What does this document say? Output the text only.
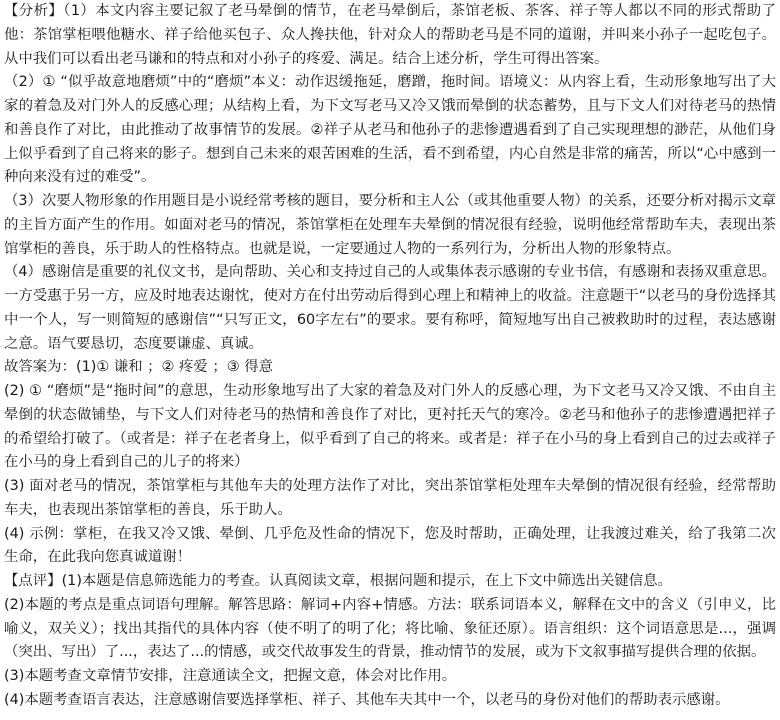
【分析】（1）本文内容主要记叙了老马晕倒的情节，在老马晕倒后，茶馆老板、茶客、祥子等人都以不同的形式帮助了他：茶馆掌柜喂他糖水、祥子给他买包子、众人搀扶他，针对众人的帮助老马是不同的道谢，并叫来小孙子一起吃包子。从中我们可以看出老马谦和的特点和对小孙子的疼爱、满足。结合上述分析，学生可得出答案。

（2）① “似乎故意地磨烦”中的“磨烦”本义：动作迟缓拖延，磨蹭，拖时间。语境义：从内容上看，生动形象地写出了大家的着急及对门外人的反感心理；从结构上看，为下文写老马又冷又饿而晕倒的状态蓄势，且与下文人们对待老马的热情和善良作了对比，由此推动了故事情节的发展。②祥子从老马和他孙子的悲惨遭遇看到了自己实现理想的渺茫，从他们身上似乎看到了自己将来的影子。想到自己未来的艰苦困难的生活，看不到希望，内心自然是非常的痛苦，所以“心中感到一种向来没有过的难受”。

（3）次要人物形象的作用题目是小说经常考核的题目，要分析和主人公（或其他重要人物）的关系，还要分析对揭示文章的主旨方面产生的作用。如面对老马的情况，茶馆掌柜在处理车夫晕倒的情况很有经验，说明他经常帮助车夫，表现出茶馆掌柜的善良，乐于助人的性格特点。也就是说，一定要通过人物的一系列行为，分析出人物的形象特点。

（4）感谢信是重要的礼仪文书，是向帮助、关心和支持过自己的人或集体表示感谢的专业书信，有感谢和表扬双重意思。一方受惠于另一方，应及时地表达谢忱，使对方在付出劳动后得到心理上和精神上的收益。注意题干“以老马的身份选择其中一个人，写一则简短的感谢信”“只写正文，60字左右”的要求。要有称呼，简短地写出自己被救助时的过程，表达感谢之意。语气要恳切，态度要谦虚、真诚。

故答案为：(1)① 谦和 ；② 疼爱 ；③ 得意

(2) ① “磨烦”是“拖时间”的意思，生动形象地写出了大家的着急及对门外人的反感心理，为下文老马又冷又饿、不由自主晕倒的状态做铺垫，与下文人们对待老马的热情和善良作了对比，更衬托天气的寒冷。②老马和他孙子的悲惨遭遇把祥子的希望给打破了。（或者是：祥子在老者身上，似乎看到了自己的将来。或者是：祥子在小马的身上看到自己的过去或祥子在小马的身上看到自己的儿子的将来）

(3) 面对老马的情况，茶馆掌柜与其他车夫的处理方法作了对比，突出茶馆掌柜处理车夫晕倒的情况很有经验，经常帮助车夫，也表现出茶馆掌柜的善良，乐于助人。

(4) 示例：掌柜，在我又冷又饿、晕倒、几乎危及性命的情况下，您及时帮助，正确处理，让我渡过难关，给了我第二次生命，在此我向您真诚道谢！

【点评】(1)本题是信息筛选能力的考查。认真阅读文章，根据问题和提示，在上下文中筛选出关键信息。

(2)本题的考点是重点词语句理解。解答思路：解词+内容+情感。方法：联系词语本义，解释在文中的含义（引申义，比喻义，双关义）；找出其指代的具体内容（使不明了的明了化；将比喻、象征还原）。语言组织：这个词语意思是...，强调（突出、写出）了...，表达了...的情感，或交代故事发生的背景，推动情节的发展，或为下文叙事描写提供合理的依据。

(3)本题考查文章情节安排，注意通读全文，把握文意，体会对比作用。

(4)本题考查语言表达，注意感谢信要选择掌柜、祥子、其他车夫其中一个，以老马的身份对他们的帮助表示感谢。
